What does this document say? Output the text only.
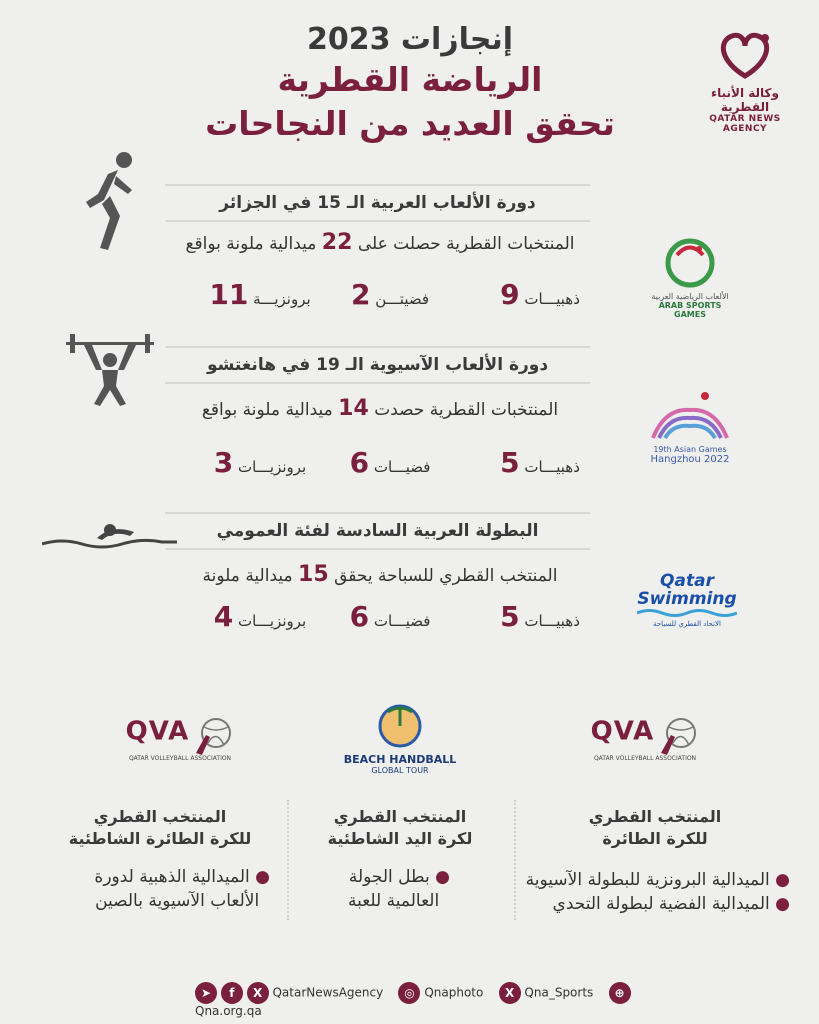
إنجازات 2023
الرياضة القطرية
تحقق العديد من النجاحات
وكالة الأنباء القطرية
QATAR NEWS AGENCY
دورة الألعاب العربية الـ 15 في الجزائر
المنتخبات القطرية حصلت على 22 ميدالية ملونة بواقع
ذهبيـــات 9
فضيتـــن 2
برونزيـــة 11	الألعاب الرياضية العربية
ARAB SPORTS GAMES
دورة الألعاب الآسيوية الـ 19 في هانغتشو
المنتخبات القطرية حصدت 14 ميدالية ملونة بواقع
ذهبيـــات 5
فضيـــات 6
برونزيـــات 3	19th Asian Games
Hangzhou 2022
البطولة العربية السادسة لفئة العمومي
المنتخب القطري للسباحة يحقق 15 ميدالية ملونة
ذهبيـــات 5
فضيـــات 6
برونزيـــات 4
Qatar Swimming
الاتحاد القطري للسباحة
QVA
QATAR VOLLEYBALL ASSOCIATION
المنتخب القطري
للكرة الطائرة
● الميدالية البرونزية للبطولة الآسيوية
● الميدالية الفضية لبطولة التحدي
BEACH HANDBALL
GLOBAL TOUR
المنتخب القطري
لكرة اليد الشاطئية
● بطل الجولة
العالمية للعبة
QVA
QATAR VOLLEYBALL ASSOCIATION
المنتخب القطري
للكرة الطائرة الشاطئية
● الميدالية الذهبية لدورة
الألعاب الآسيوية بالصين
➤ f X QatarNewsAgency ◎ Qnaphoto X Qna_Sports ⊕ Qna.org.qa
